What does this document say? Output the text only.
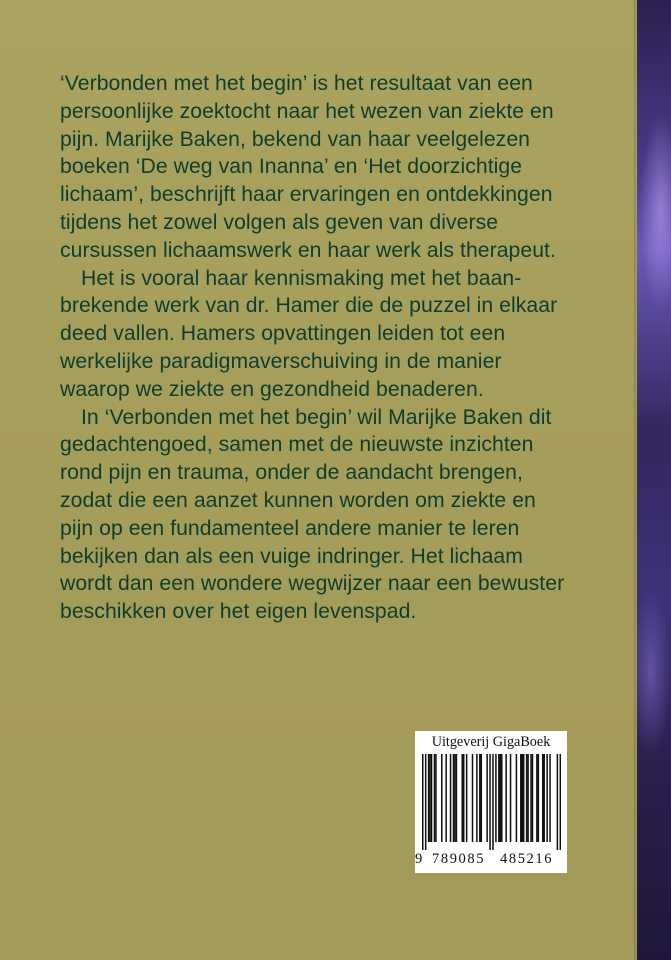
‘Verbonden met het begin’ is het resultaat van een
persoonlijke zoektocht naar het wezen van ziekte en
pijn. Marijke Baken, bekend van haar veelgelezen
boeken ‘De weg van Inanna’ en ‘Het doorzichtige
lichaam’, beschrijft haar ervaringen en ontdekkingen
tijdens het zowel volgen als geven van diverse
cursussen lichaamswerk en haar werk als therapeut.

Het is vooral haar kennismaking met het baan-
brekende werk van dr. Hamer die de puzzel in elkaar
deed vallen. Hamers opvattingen leiden tot een
werkelijke paradigmaverschuiving in de manier
waarop we ziekte en gezondheid benaderen.

In ‘Verbonden met het begin’ wil Marijke Baken dit
gedachtengoed, samen met de nieuwste inzichten
rond pijn en trauma, onder de aandacht brengen,
zodat die een aanzet kunnen worden om ziekte en
pijn op een fundamenteel andere manier te leren
bekijken dan als een vuige indringer. Het lichaam
wordt dan een wondere wegwijzer naar een bewuster
beschikken over het eigen levenspad.

Uitgeverij GigaBoek
9 789085 485216
